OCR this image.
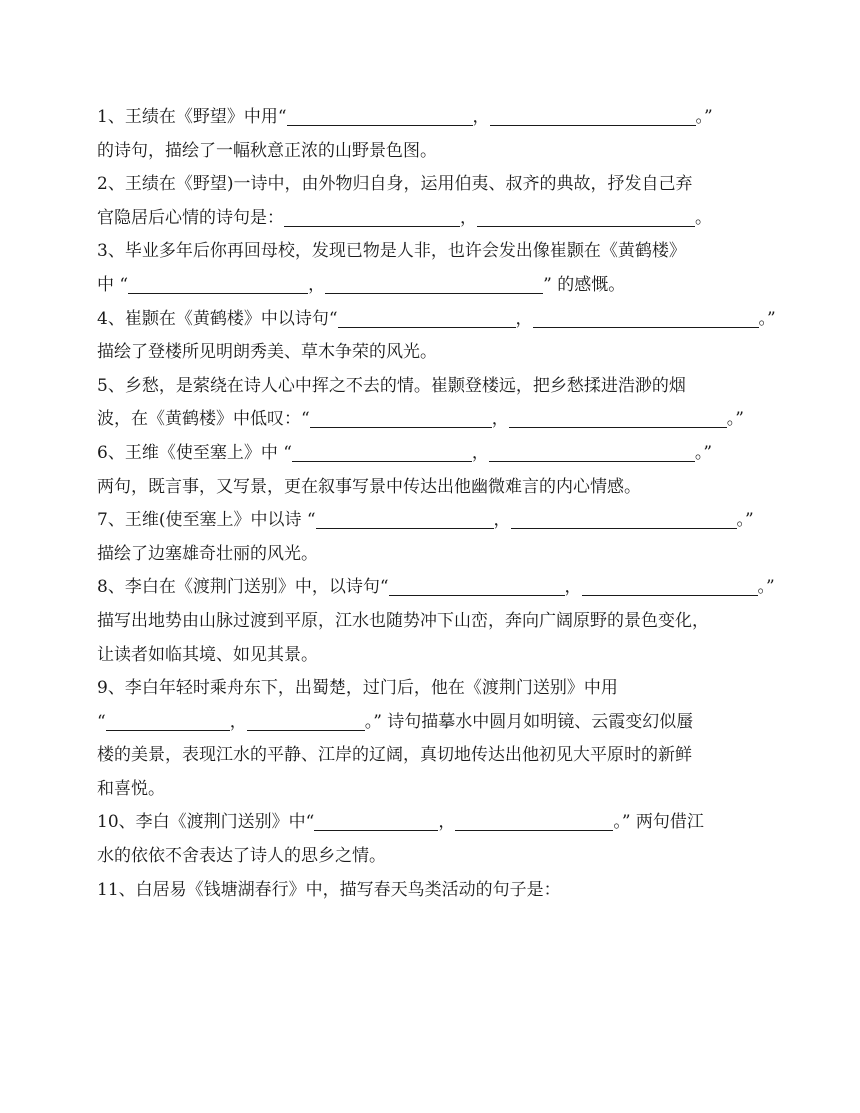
1、王绩在《野望》中用“	，	。”
的诗句，描绘了一幅秋意正浓的山野景色图。

2、王绩在《野望)一诗中，由外物归自身，运用伯夷、叔齐的典故，抒发自己弃
官隐居后心情的诗句是：	，	。

3、毕业多年后你再回母校，发现已物是人非，也许会发出像崔颢在《黄鹤楼》
中 “	，	” 的感慨。

4、崔颢在《黄鹤楼》中以诗句“	，	。”
描绘了登楼所见明朗秀美、草木争荣的风光。

5、乡愁，是萦绕在诗人心中挥之不去的情。崔颢登楼远，把乡愁揉进浩渺的烟
波，在《黄鹤楼》中低叹：“	，	。”

6、王维《使至塞上》中 “	，	。”
两句，既言事，又写景，更在叙事写景中传达出他幽微难言的内心情感。

7、王维(使至塞上》中以诗 “	，	。”
描绘了边塞雄奇壮丽的风光。

8、李白在《渡荆门送别》中，以诗句“	，	。”
描写出地势由山脉过渡到平原，江水也随势冲下山峦，奔向广阔原野的景色变化，
让读者如临其境、如见其景。

9、李白年轻时乘舟东下，出蜀楚，过门后，他在《渡荆门送别》中用
“	，	。” 诗句描摹水中圆月如明镜、云霞变幻似蜃
楼的美景，表现江水的平静、江岸的辽阔，真切地传达出他初见大平原时的新鲜
和喜悦。

10、李白《渡荆门送别》中“	，	。” 两句借江
水的依依不舍表达了诗人的思乡之情。

11、白居易《钱塘湖春行》中，描写春天鸟类活动的句子是：
